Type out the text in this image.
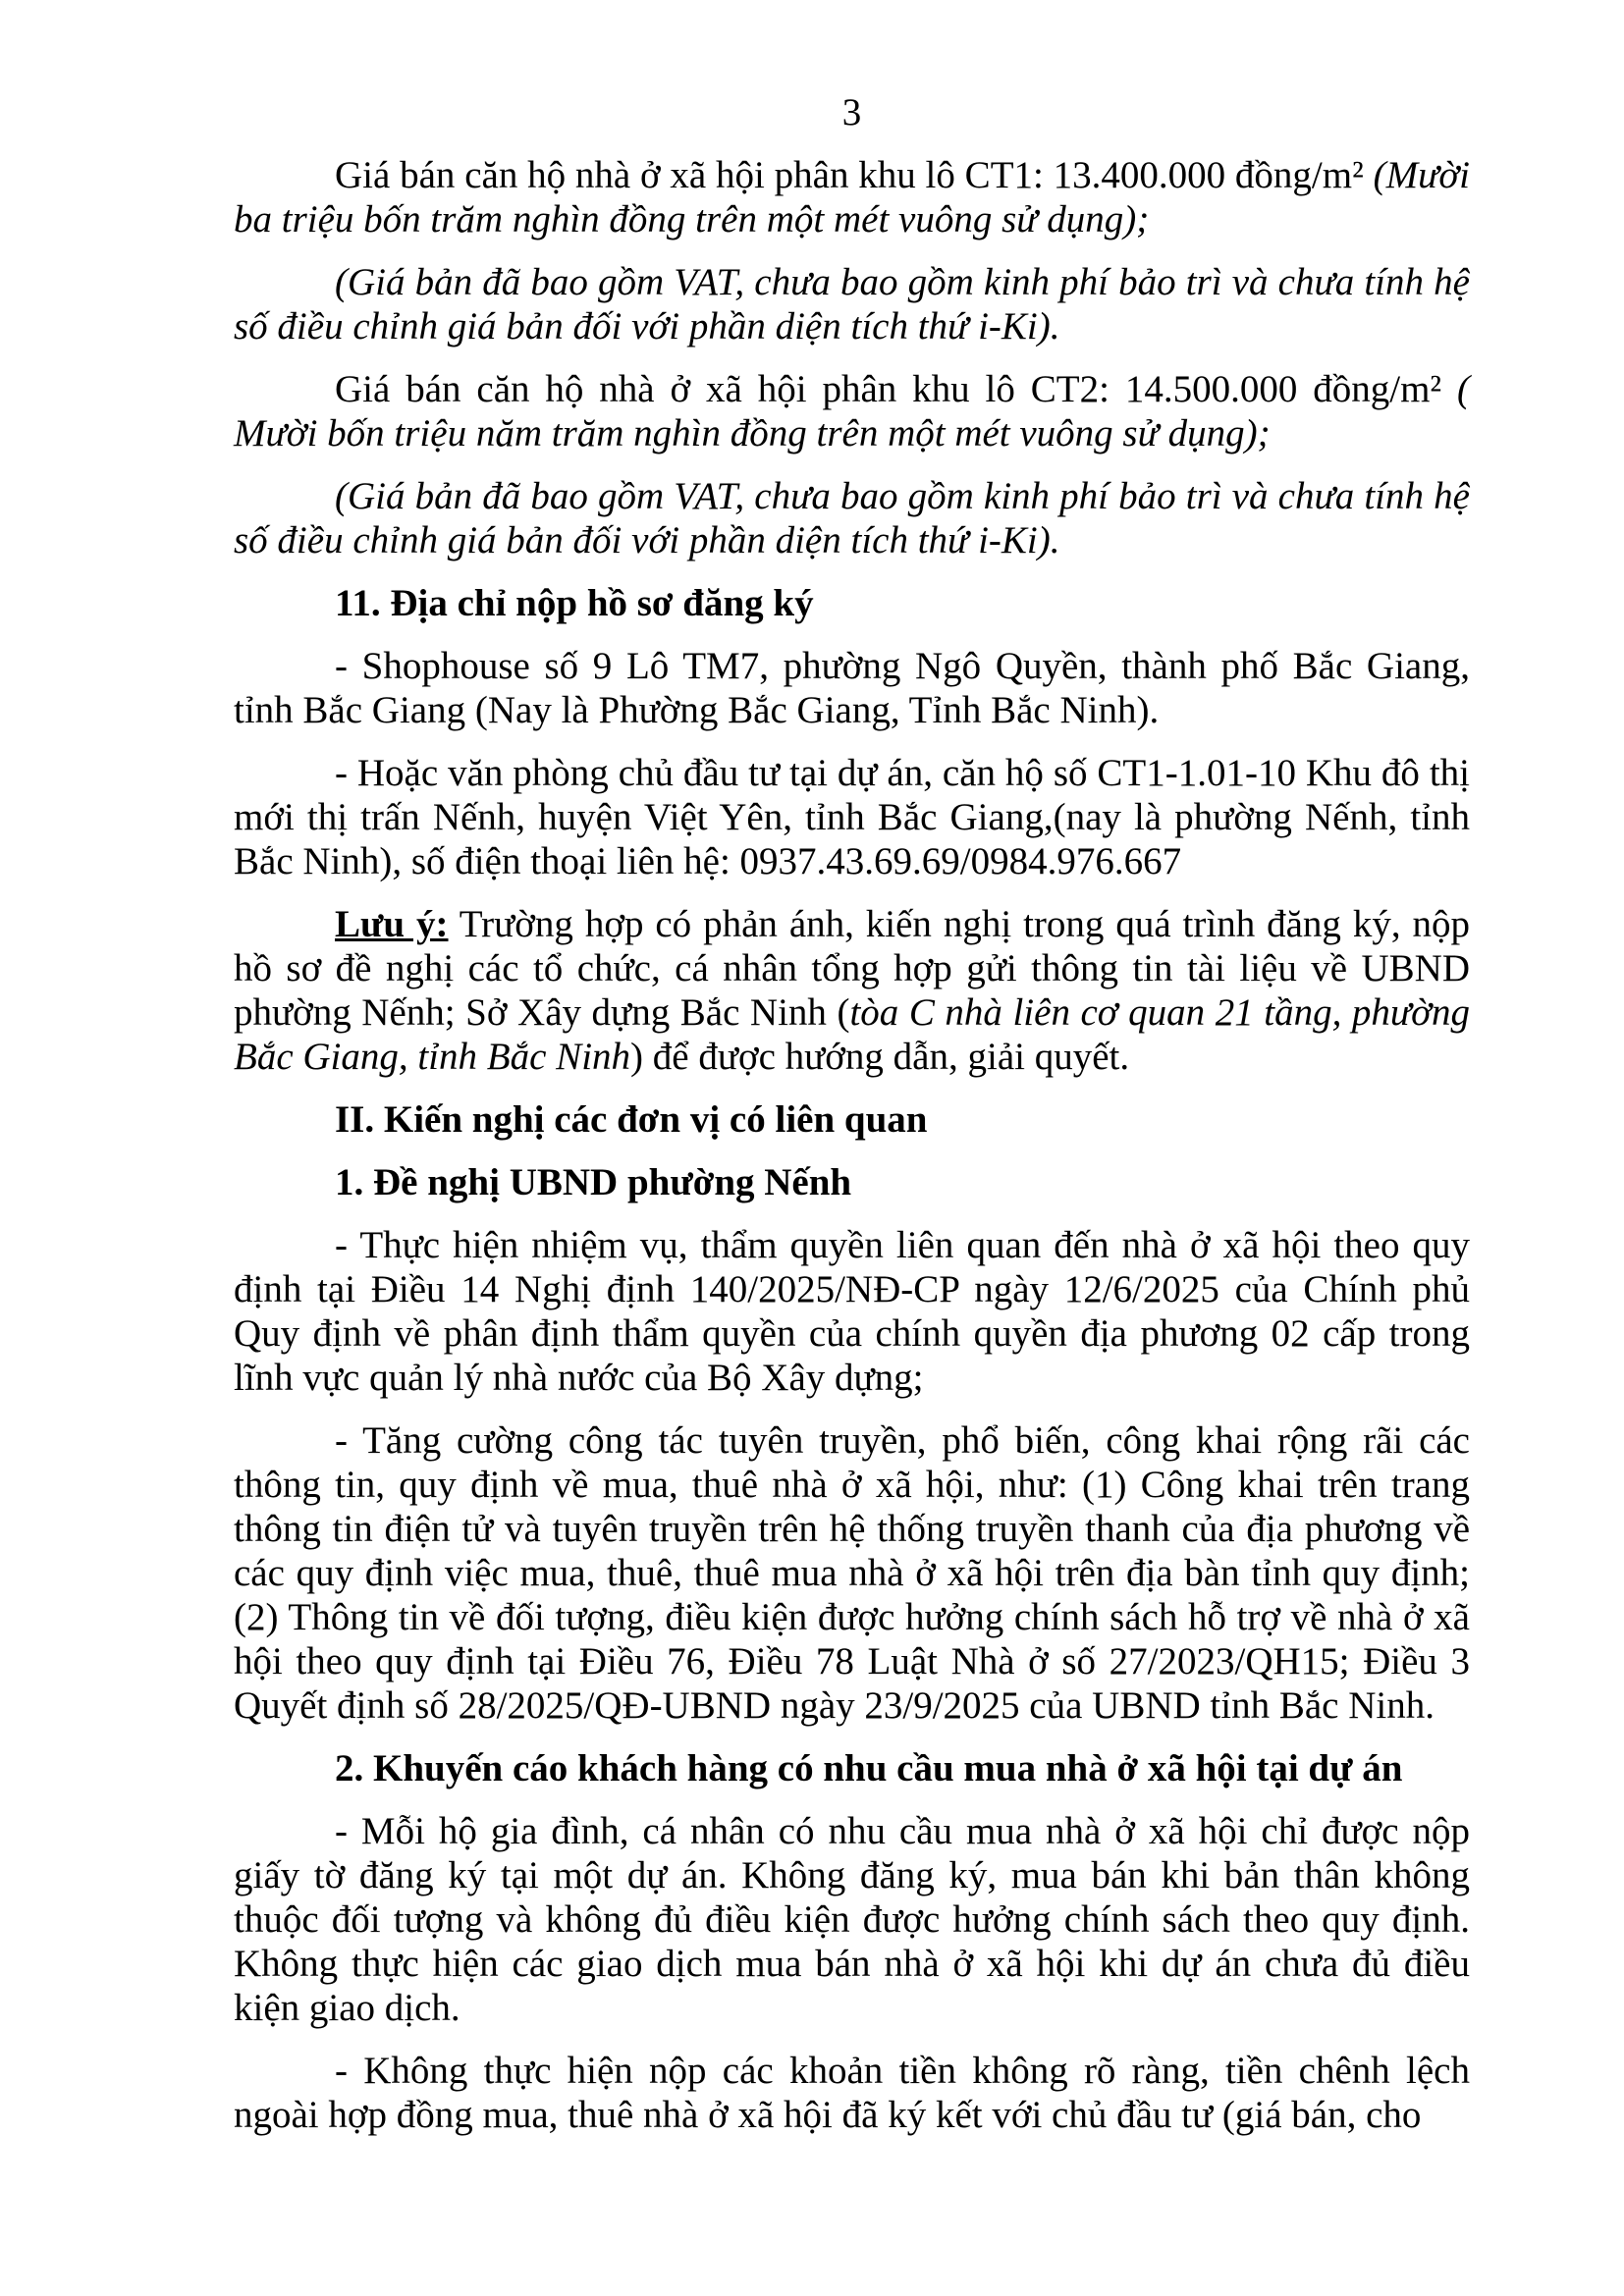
3

Giá bán căn hộ nhà ở xã hội phân khu lô CT1: 13.400.000 đồng/m² (Mười ba triệu bốn trăm nghìn đồng trên một mét vuông sử dụng);

(Giá bản đã bao gồm VAT, chưa bao gồm kinh phí bảo trì và chưa tính hệ số điều chỉnh giá bản đối với phần diện tích thứ i-Ki).

Giá bán căn hộ nhà ở xã hội phân khu lô CT2: 14.500.000 đồng/m² ( Mười bốn triệu năm trăm nghìn đồng trên một mét vuông sử dụng);

(Giá bản đã bao gồm VAT, chưa bao gồm kinh phí bảo trì và chưa tính hệ số điều chỉnh giá bản đối với phần diện tích thứ i-Ki).

11. Địa chỉ nộp hồ sơ đăng ký

- Shophouse số 9 Lô TM7, phường Ngô Quyền, thành phố Bắc Giang, tỉnh Bắc Giang (Nay là Phường Bắc Giang, Tỉnh Bắc Ninh).

- Hoặc văn phòng chủ đầu tư tại dự án, căn hộ số CT1-1.01-10 Khu đô thị mới thị trấn Nếnh, huyện Việt Yên, tỉnh Bắc Giang,(nay là phường Nếnh, tỉnh Bắc Ninh), số điện thoại liên hệ: 0937.43.69.69/0984.976.667

Lưu ý: Trường hợp có phản ánh, kiến nghị trong quá trình đăng ký, nộp hồ sơ đề nghị các tổ chức, cá nhân tổng hợp gửi thông tin tài liệu về UBND phường Nếnh; Sở Xây dựng Bắc Ninh (tòa C nhà liên cơ quan 21 tầng, phường Bắc Giang, tỉnh Bắc Ninh) để được hướng dẫn, giải quyết.

II. Kiến nghị các đơn vị có liên quan

1. Đề nghị UBND phường Nếnh

- Thực hiện nhiệm vụ, thẩm quyền liên quan đến nhà ở xã hội theo quy định tại Điều 14 Nghị định 140/2025/NĐ-CP ngày 12/6/2025 của Chính phủ Quy định về phân định thẩm quyền của chính quyền địa phương 02 cấp trong lĩnh vực quản lý nhà nước của Bộ Xây dựng;

- Tăng cường công tác tuyên truyền, phổ biến, công khai rộng rãi các thông tin, quy định về mua, thuê nhà ở xã hội, như: (1) Công khai trên trang thông tin điện tử và tuyên truyền trên hệ thống truyền thanh của địa phương về các quy định việc mua, thuê, thuê mua nhà ở xã hội trên địa bàn tỉnh quy định; (2) Thông tin về đối tượng, điều kiện được hưởng chính sách hỗ trợ về nhà ở xã hội theo quy định tại Điều 76, Điều 78 Luật Nhà ở số 27/2023/QH15; Điều 3 Quyết định số 28/2025/QĐ-UBND ngày 23/9/2025 của UBND tỉnh Bắc Ninh.

2. Khuyến cáo khách hàng có nhu cầu mua nhà ở xã hội tại dự án

- Mỗi hộ gia đình, cá nhân có nhu cầu mua nhà ở xã hội chỉ được nộp giấy tờ đăng ký tại một dự án. Không đăng ký, mua bán khi bản thân không thuộc đối tượng và không đủ điều kiện được hưởng chính sách theo quy định. Không thực hiện các giao dịch mua bán nhà ở xã hội khi dự án chưa đủ điều kiện giao dịch.

- Không thực hiện nộp các khoản tiền không rõ ràng, tiền chênh lệch ngoài hợp đồng mua, thuê nhà ở xã hội đã ký kết với chủ đầu tư (giá bán, cho
